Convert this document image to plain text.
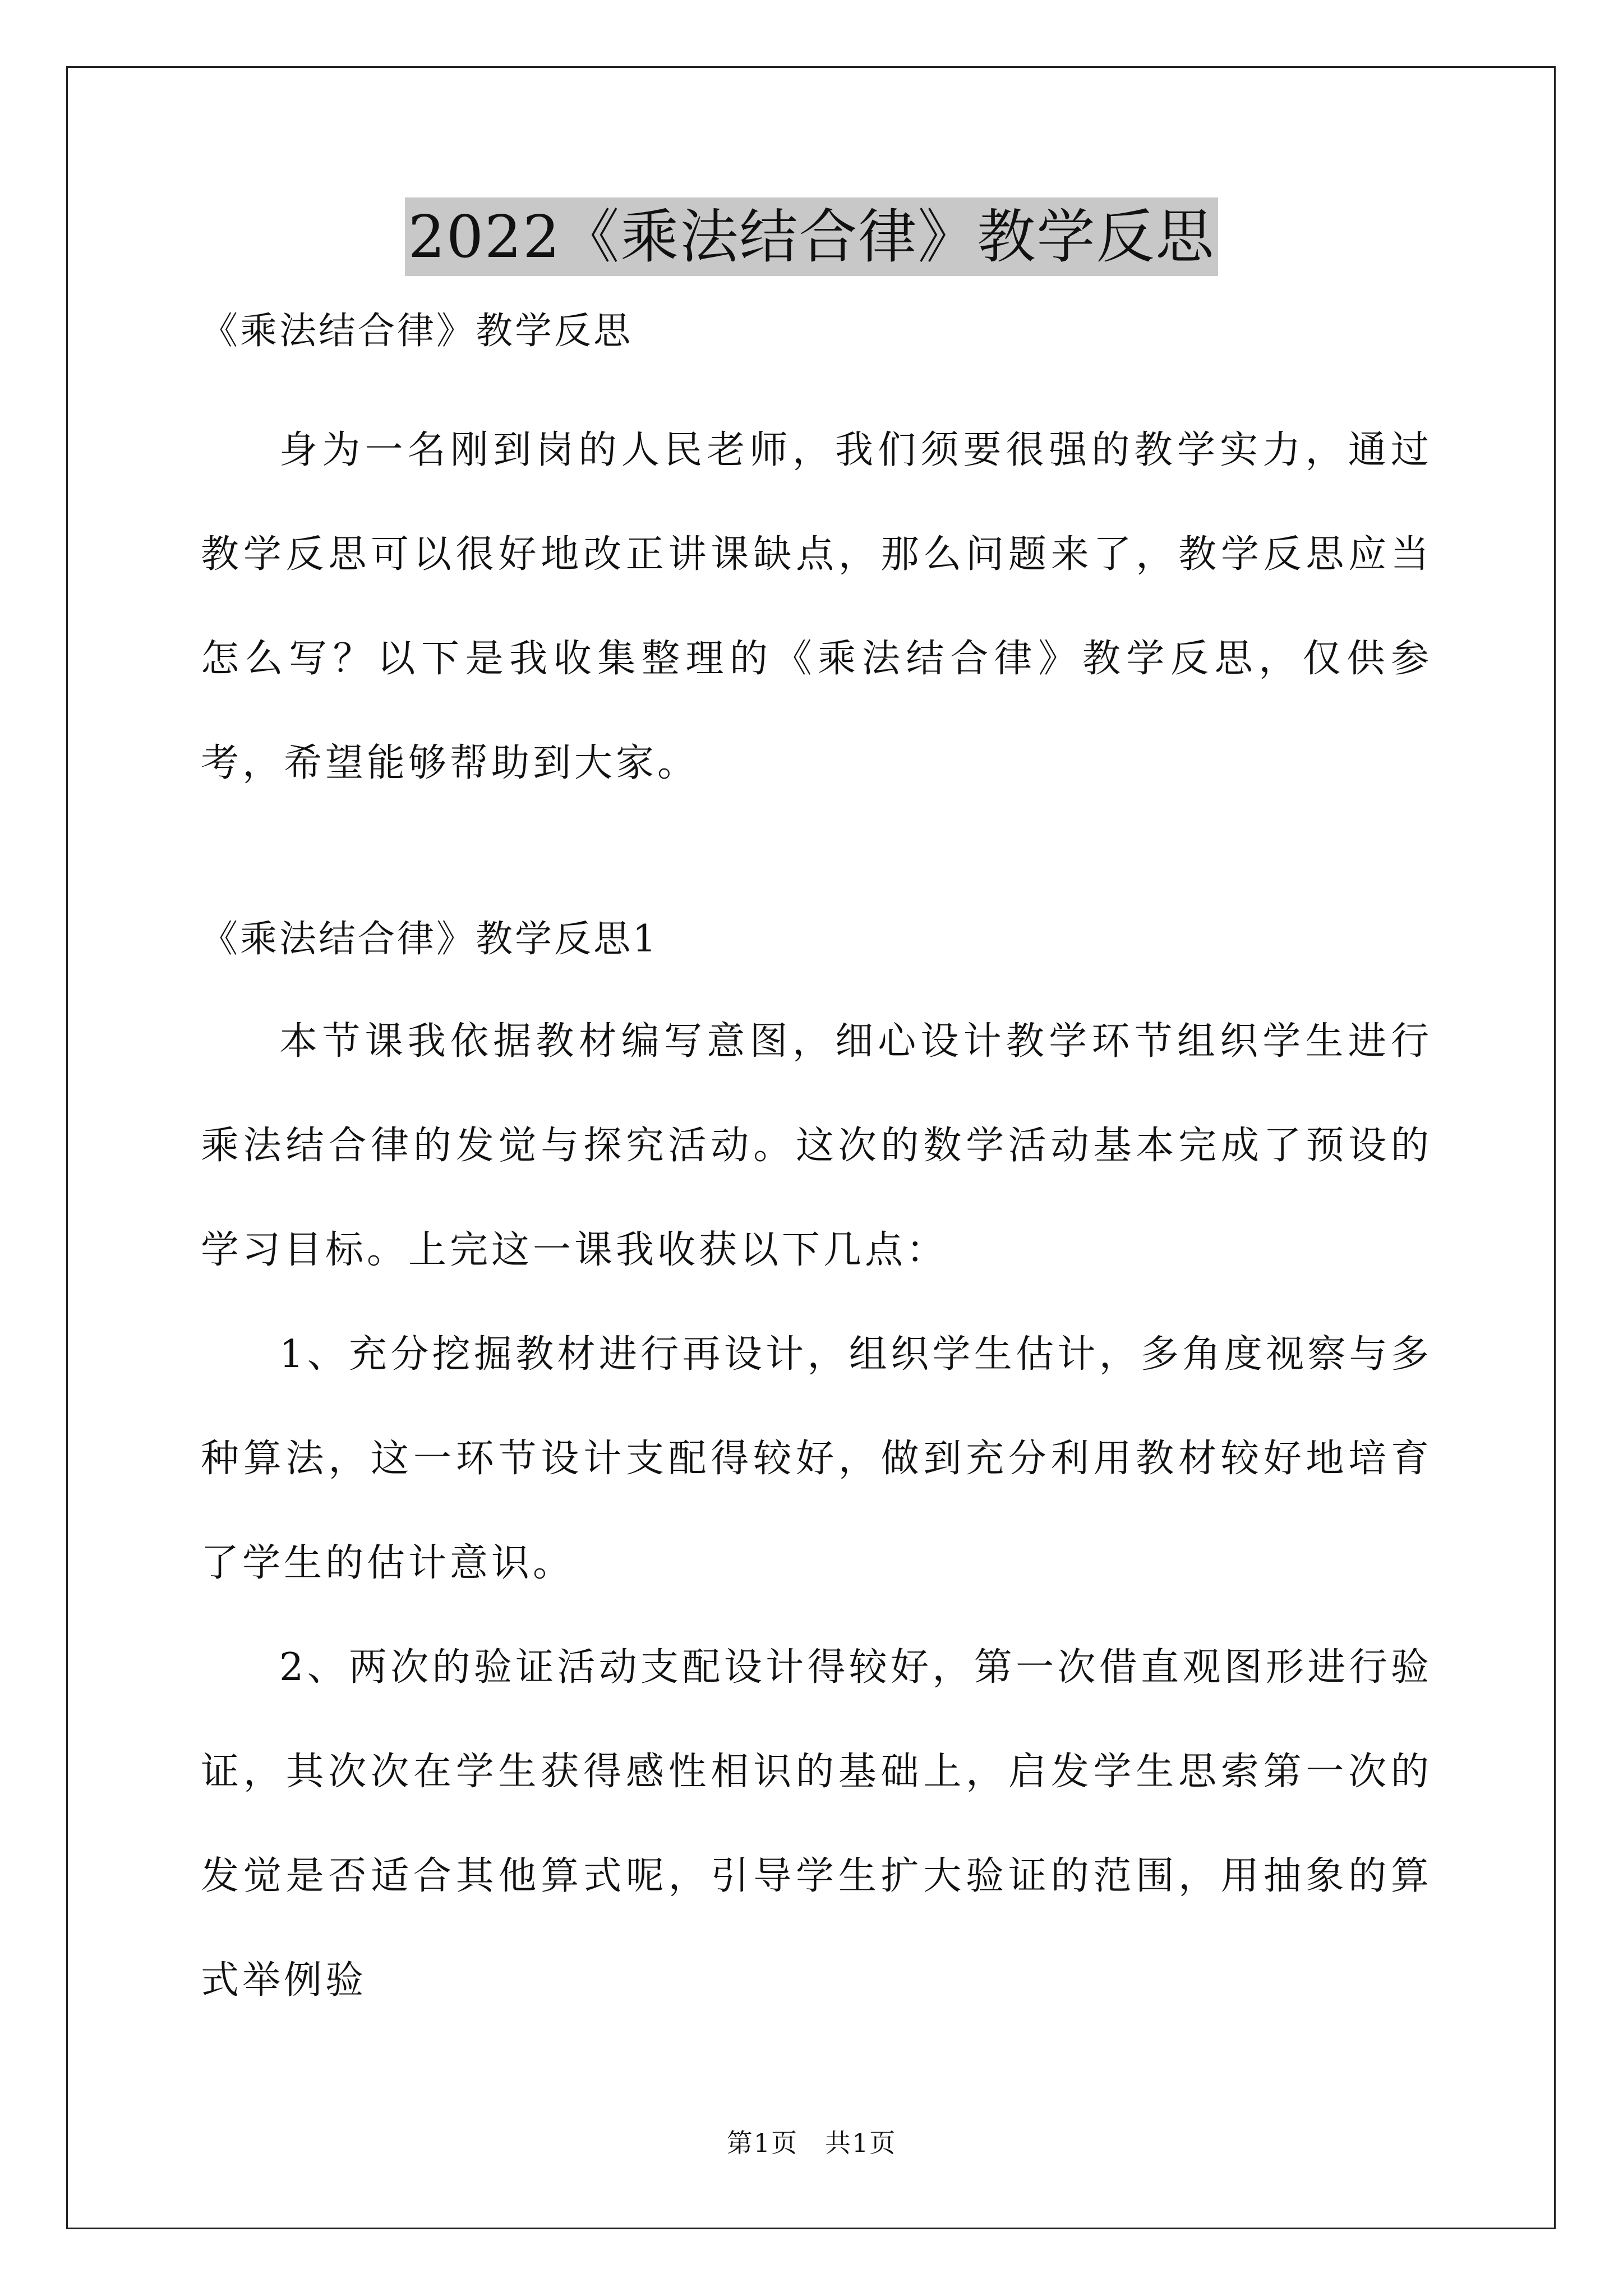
2022《乘法结合律》教学反思

《乘法结合律》教学反思

身为一名刚到岗的人民老师，我们须要很强的教学实力，通过教学反思可以很好地改正讲课缺点，那么问题来了，教学反思应当怎么写？以下是我收集整理的《乘法结合律》教学反思，仅供参考，希望能够帮助到大家。

《乘法结合律》教学反思1

本节课我依据教材编写意图，细心设计教学环节组织学生进行乘法结合律的发觉与探究活动。这次的数学活动基本完成了预设的学习目标。上完这一课我收获以下几点：

1、充分挖掘教材进行再设计，组织学生估计，多角度视察与多种算法，这一环节设计支配得较好，做到充分利用教材较好地培育了学生的估计意识。

2、两次的验证活动支配设计得较好，第一次借直观图形进行验证，其次次在学生获得感性相识的基础上，启发学生思索第一次的发觉是否适合其他算式呢，引导学生扩大验证的范围，用抽象的算式举例验

第1页　共1页
